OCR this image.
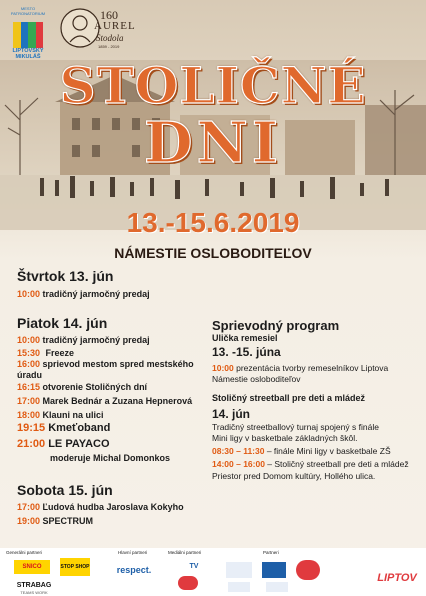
MESTO PATRONATORIUM
LIPTOVSKÝ MIKULÁŠ
160
AUREL
Stodola
1859 - 2019
STOLIČNÉ
DNI
13.-15.6.2019
NÁMESTIE OSLOBODITEĽOV
Štvrtok 13. jún
10:00 tradičný jarmočný predaj
Piatok 14. jún
10:00 tradičný jarmočný predaj
15:30 Freeze
16:00 sprievod mestom spred mestského úradu
16:15 otvorenie Stoličných dní
17:00 Marek Bednár a Zuzana Hepnerová
18:00 Klauni na ulici
19:15 Kmeťoband
21:00 LE PAYACO
moderuje Michal Domonkos
Sobota 15. jún
17:00 Ľudová hudba Jaroslava Kokyho
19:00 SPECTRUM
Sprievodný program
Ulička remesiel
13. -15. júna
10:00 prezentácia tvorby remeselníkov Liptova
Námestie osloboditeľov
Stoličný streetball pre deti a mládež
14. jún
Tradičný streetballový turnaj spojený s finále
Mini ligy v basketbale základných škôl.
08:30 – 11:30 – finále Mini ligy v basketbale ZŠ
14:00 – 16:00 – Stoličný streetball pre deti a mládež
Priestor pred Domom kultúry, Hollého ulica.
Generálni partneri	Hlavní partneri	Mediálni partneri	Partneri
SNICO	STOP SHOP
STRABAG
TEAMS WORK
respect.	TV
LIPTOV
